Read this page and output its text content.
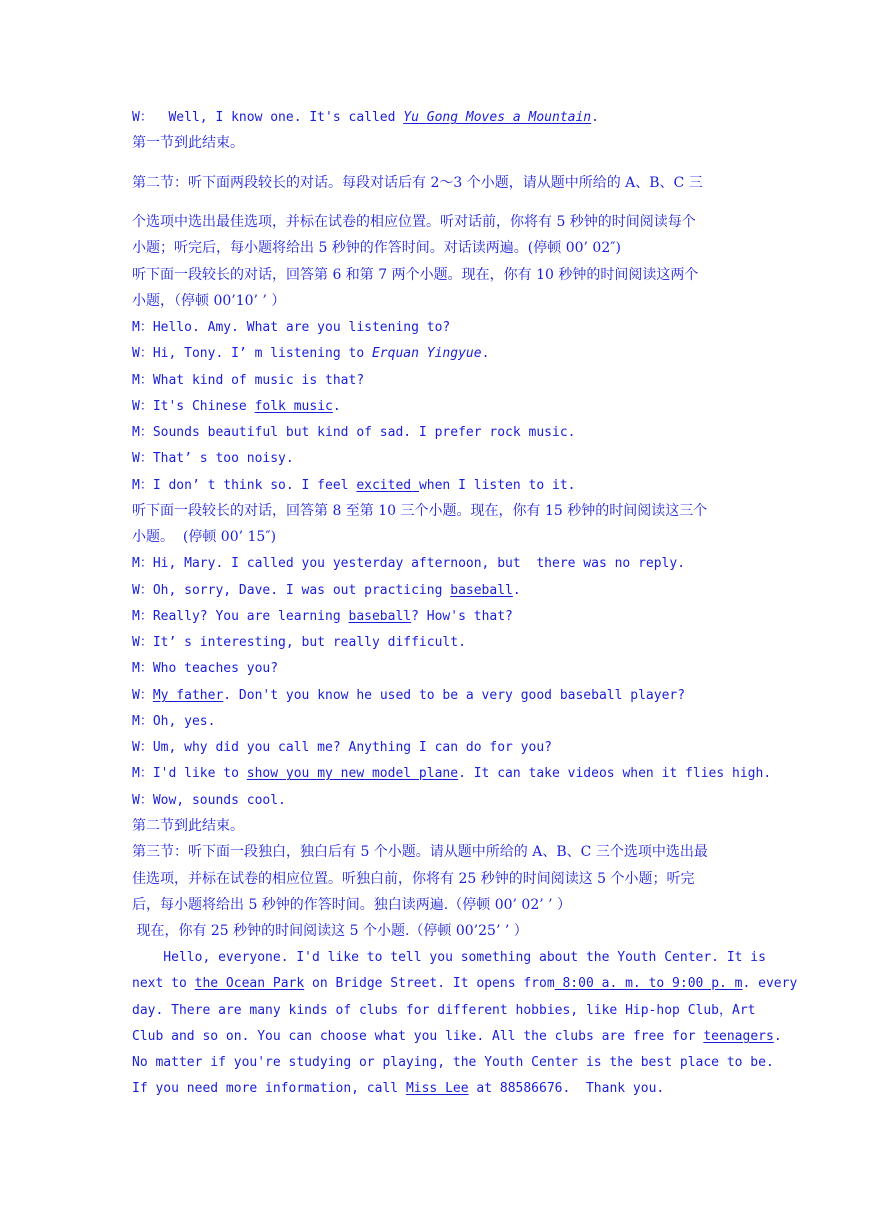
W：  Well, I know one. It's called Yu Gong Moves a Mountain.
第一节到此结束。
第二节：听下面两段较长的对话。每段对话后有 2～3 个小题，请从题中所给的 A、B、C 三
个选项中选出最佳选项，并标在试卷的相应位置。听对话前，你将有 5 秒钟的时间阅读每个
小题；听完后，每小题将给出 5 秒钟的作答时间。对话读两遍。(停顿 00’ 02″)
听下面一段较长的对话，回答第 6 和第 7 两个小题。现在，你有 10 秒钟的时间阅读这两个
小题，（停顿 00’10’ ’ ）
M：Hello. Amy. What are you listening to?
W：Hi, Tony. I’ m listening to Erquan Yingyue.
M：What kind of music is that?
W：It's Chinese folk music.
M：Sounds beautiful but kind of sad. I prefer rock music.
W：That’ s too noisy.
M：I don’ t think so. I feel excited when I listen to it.
听下面一段较长的对话，回答第 8 至第 10 三个小题。现在，你有 15 秒钟的时间阅读这三个
小题。  (停顿 00’ 15″)
M：Hi, Mary. I called you yesterday afternoon, but  there was no reply.
W：Oh, sorry, Dave. I was out practicing baseball.
M：Really? You are learning baseball? How's that?
W：It’ s interesting, but really difficult.
M：Who teaches you?
W：My father. Don't you know he used to be a very good baseball player?
M：Oh, yes.
W：Um, why did you call me? Anything I can do for you?
M：I'd like to show you my new model plane. It can take videos when it flies high.
W：Wow, sounds cool.
第二节到此结束。
第三节：听下面一段独白，独白后有 5 个小题。请从题中所给的 A、B、C 三个选项中选出最
佳选项，并标在试卷的相应位置。听独白前，你将有 25 秒钟的时间阅读这 5 个小题；听完
后，每小题将给出 5 秒钟的作答时间。独白读两遍.（停顿 00’ 02’ ’ ）
现在，你有 25 秒钟的时间阅读这 5 个小题.（停顿 00’25’ ’ ）
Hello, everyone. I'd like to tell you something about the Youth Center. It is
next to the Ocean Park on Bridge Street. It opens from 8:00 a. m. to 9:00 p. m. every
day. There are many kinds of clubs for different hobbies, like Hip-hop Club，Art
Club and so on. You can choose what you like. All the clubs are free for teenagers.
No matter if you're studying or playing, the Youth Center is the best place to be.
If you need more information, call Miss Lee at 88586676.  Thank you.
